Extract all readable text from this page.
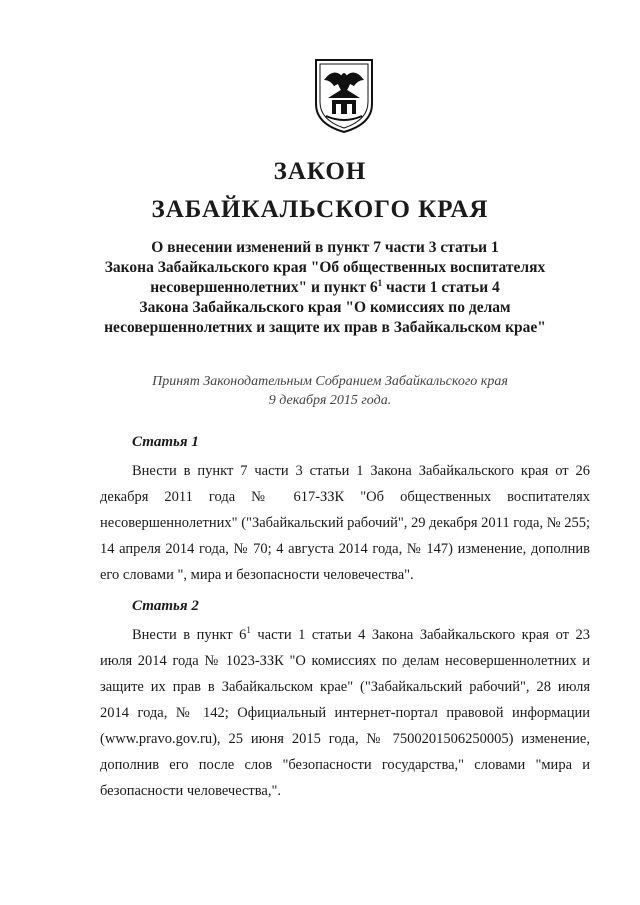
ЗАКОН
ЗАБАЙКАЛЬСКОГО КРАЯ
О внесении изменений в пункт 7 части 3 статьи 1
Закона Забайкальского края "Об общественных воспитателях
несовершеннолетних" и пункт $6^1$ части 1 статьи 4
Закона Забайкальского края "О комиссиях по делам
несовершеннолетних и защите их прав в Забайкальском крае"
Принят Законодательным Собранием Забайкальского края
9 декабря 2015 года.
Статья 1
Внести в пункт 7 части 3 статьи 1 Закона Забайкальского края от 26 декабря 2011 года № 617-ЗЗК "Об общественных воспитателях несовершеннолетних" ("Забайкальский рабочий", 29 декабря 2011 года, № 255; 14 апреля 2014 года, № 70; 4 августа 2014 года, № 147) изменение, дополнив его словами ", мира и безопасности человечества".
Статья 2
Внести в пункт $6^1$ части 1 статьи 4 Закона Забайкальского края от 23 июля 2014 года № 1023-ЗЗК "О комиссиях по делам несовершеннолетних и защите их прав в Забайкальском крае" ("Забайкальский рабочий", 28 июля 2014 года, № 142; Официальный интернет-портал правовой информации (www.pravo.gov.ru), 25 июня 2015 года, № 7500201506250005) изменение, дополнив его после слов "безопасности государства," словами "мира и безопасности человечества,".
